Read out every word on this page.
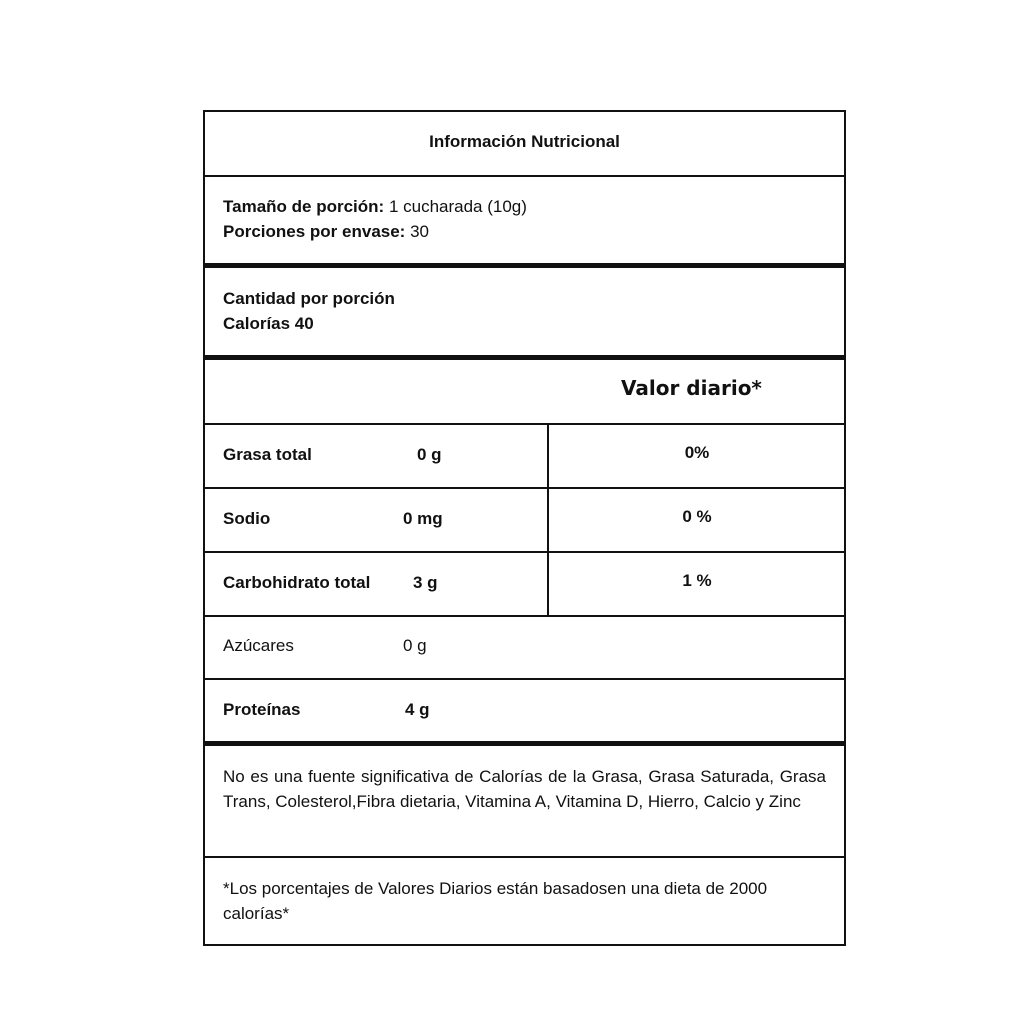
Información Nutricional
Tamaño de porción: 1 cucharada (10g)
Porciones por envase: 30
Cantidad por porción
Calorías 40
Valor diario*
Grasa total	0 g	0%
Sodio	0 mg	0 %
Carbohidrato total	3 g	1 %
Azúcares	0 g
Proteínas	4 g
No es una fuente significativa de Calorías de la Grasa, Grasa Saturada, Grasa Trans, Colesterol,Fibra dietaria, Vitamina A, Vitamina D, Hierro, Calcio y Zinc
*Los porcentajes de Valores Diarios están basadosen una dieta de 2000 calorías*
